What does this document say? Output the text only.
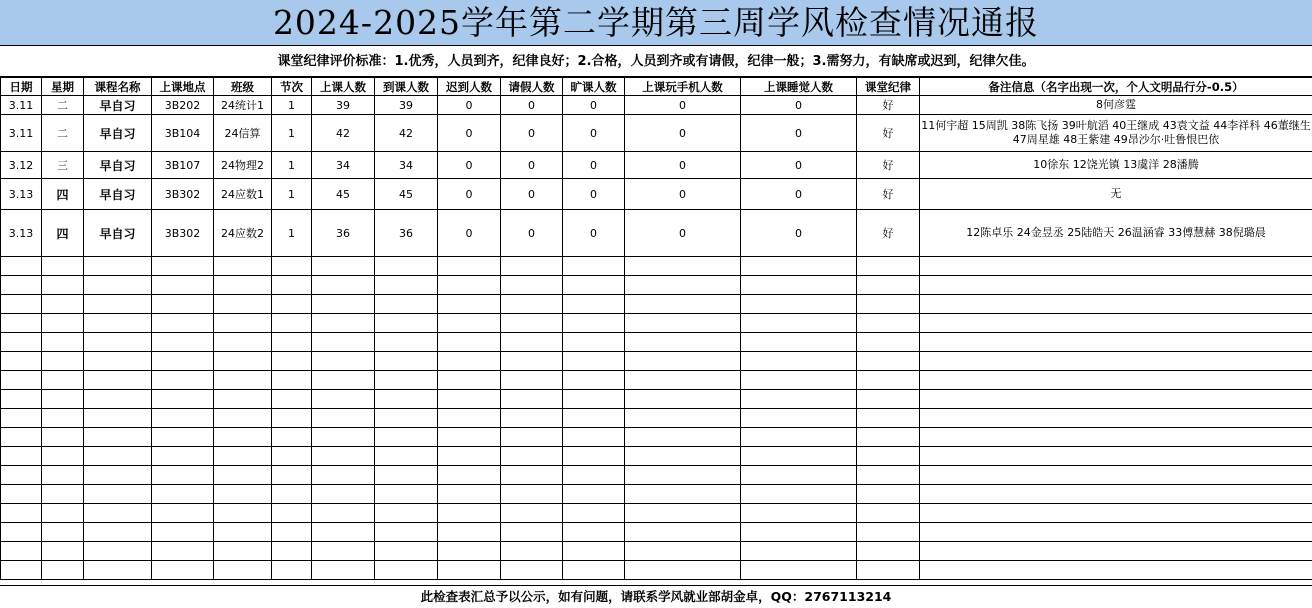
2024-2025学年第二学期第三周学风检查情况通报
课堂纪律评价标准：1.优秀，人员到齐，纪律良好；2.合格，人员到齐或有请假，纪律一般；3.需努力，有缺席或迟到，纪律欠佳。
日期	星期	课程名称	上课地点	班级	节次	上课人数	到课人数	迟到人数	请假人数	旷课人数	上课玩手机人数	上课睡觉人数	课堂纪律	备注信息（名字出现一次，个人文明品行分-0.5）
3.11	二	早自习	3B202	24统计1	1	39	39	0	0	0	0	0	好	8何彦霆
3.11	二	早自习	3B104	24信算	1	42	42	0	0	0	0	0	好	11何宇超 15周凯 38陈飞扬 39叶航滔 40王继成 43袁文益 44李祥科 46董继生 47周星雄 48王紫建 49昂沙尔·吐鲁恨巴依
3.12	三	早自习	3B107	24物理2	1	34	34	0	0	0	0	0	好	10徐东 12饶光镇 13虞洋 28潘腾
3.13	四	早自习	3B302	24应数1	1	45	45	0	0	0	0	0	好	无
3.13	四	早自习	3B302	24应数2	1	36	36	0	0	0	0	0	好	12陈卓乐 24金昱丞 25陆皓天 26温涵睿 33傅慧赫 38倪璐晨

此检查表汇总予以公示，如有问题，请联系学风就业部胡金卓，QQ：2767113214
